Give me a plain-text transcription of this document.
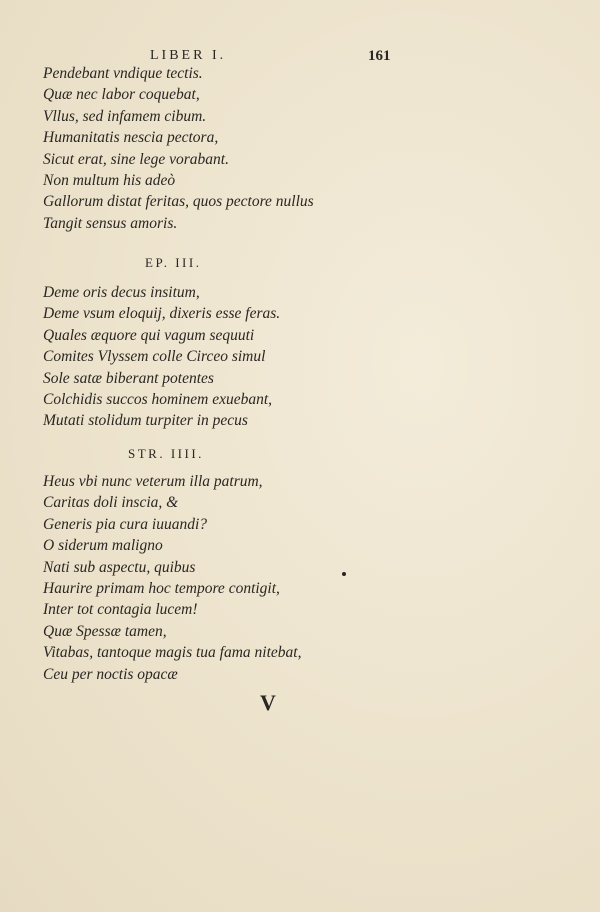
LIBER I.	161
Pendebant vndique tectis.
Quæ nec labor coquebat,
Vllus, sed infamem cibum.
Humanitatis nescia pectora,
Sicut erat, sine lege vorabant.
Non multum his adeò
Gallorum distat feritas, quos pectore nullus
Tangit sensus amoris.
EP. III.
Deme oris decus insitum,
Deme vsum eloquij, dixeris esse feras.
Quales æquore qui vagum sequuti
Comites Vlyssem colle Circeo simul
Sole satæ biberant potentes
Colchidis succos hominem exuebant,
Mutati stolidum turpiter in pecus
STR. IIII.
Heus vbi nunc veterum illa patrum,
Caritas doli inscia, &
Generis pia cura iuuandi?
O siderum maligno
Nati sub aspectu, quibus
Haurire primam hoc tempore contigit,
Inter tot contagia lucem!
Quæ Spessæ tamen,
Vitabas, tantoque magis tua fama nitebat,
Ceu per noctis opacæ
V
